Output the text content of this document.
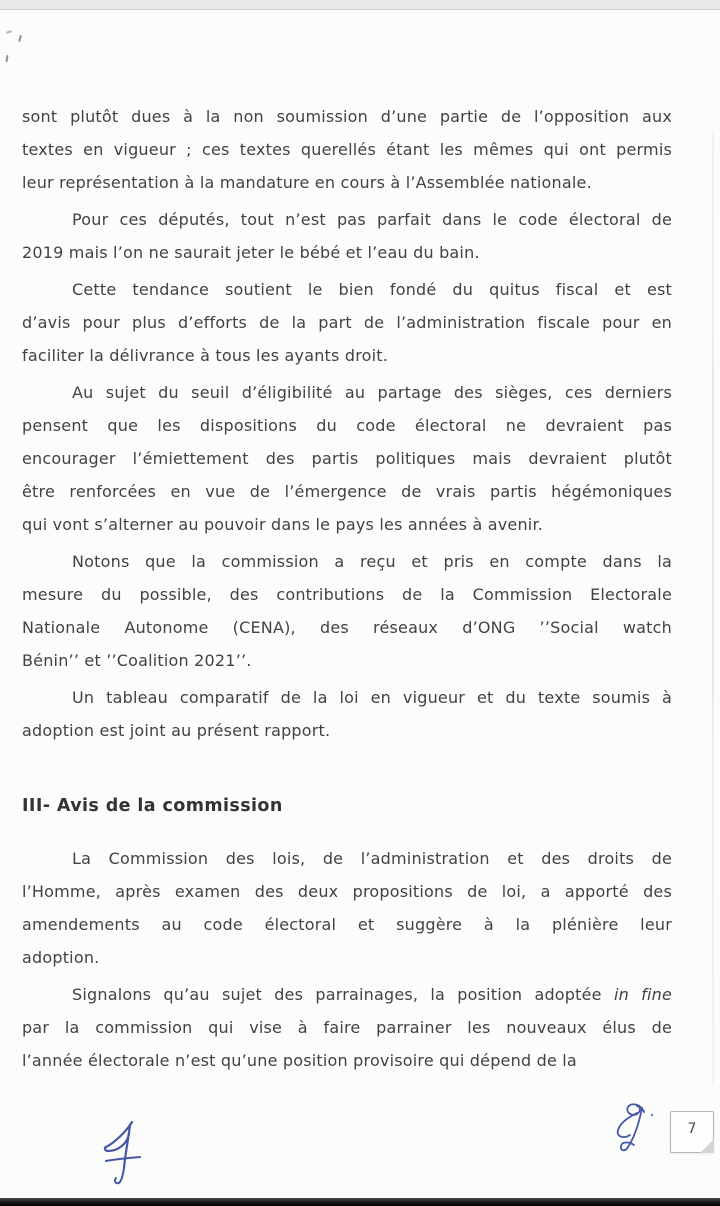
sont plutôt dues à la non soumission d’une partie de l’opposition aux
textes en vigueur ; ces textes querellés étant les mêmes qui ont permis
leur représentation à la mandature en cours à l’Assemblée nationale.
Pour ces députés, tout n’est pas parfait dans le code électoral de
2019 mais l’on ne saurait jeter le bébé et l’eau du bain.
Cette tendance soutient le bien fondé du quitus fiscal et est
d’avis pour plus d’efforts de la part de l’administration fiscale pour en
faciliter la délivrance à tous les ayants droit.
Au sujet du seuil d’éligibilité au partage des sièges, ces derniers
pensent que les dispositions du code électoral ne devraient pas
encourager l’émiettement des partis politiques mais devraient plutôt
être renforcées en vue de l’émergence de vrais partis hégémoniques
qui vont s’alterner au pouvoir dans le pays les années à avenir.
Notons que la commission a reçu et pris en compte dans la
mesure du possible, des contributions de la Commission Electorale
Nationale Autonome (CENA), des réseaux d’ONG ’’Social watch
Bénin’’ et ’’Coalition 2021’’.
Un tableau comparatif de la loi en vigueur et du texte soumis à
adoption est joint au présent rapport.
III- Avis de la commission
La Commission des lois, de l’administration et des droits de
l’Homme, après examen des deux propositions de loi, a apporté des
amendements au code électoral et suggère à la plénière leur
adoption.
Signalons qu’au sujet des parrainages, la position adoptée in fine
par la commission qui vise à faire parrainer les nouveaux élus de
l’année électorale n’est qu’une position provisoire qui dépend de la
7
